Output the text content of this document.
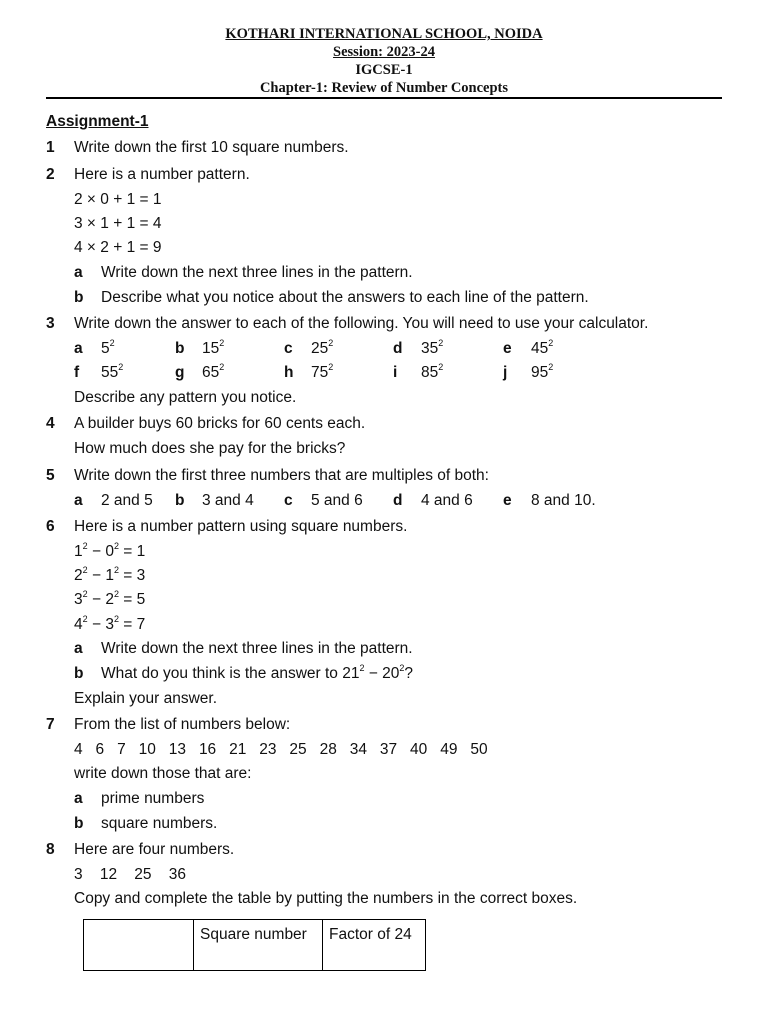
KOTHARI INTERNATIONAL SCHOOL, NOIDA
Session: 2023-24
IGCSE-1
Chapter-1: Review of Number Concepts
Assignment-1
1 Write down the first 10 square numbers.
2 Here is a number pattern.
2 × 0 + 1 = 1
3 × 1 + 1 = 4
4 × 2 + 1 = 9
a Write down the next three lines in the pattern.
b Describe what you notice about the answers to each line of the pattern.
3 Write down the answer to each of the following. You will need to use your calculator.
a $5^2$	b $15^2$	c $25^2$	d $35^2$	e $45^2$
f $55^2$	g $65^2$	h $75^2$	i $85^2$	j $95^2$
Describe any pattern you notice.
4 A builder buys 60 bricks for 60 cents each.
How much does she pay for the bricks?
5 Write down the first three numbers that are multiples of both:
a 2 and 5 b 3 and 4 c 5 and 6 d 4 and 6 e 8 and 10.
6 Here is a number pattern using square numbers.
$1^2 - 0^2 = 1$
$2^2 - 1^2 = 3$
$3^2 - 2^2 = 5$
$4^2 - 3^2 = 7$
a Write down the next three lines in the pattern.
b What do you think is the answer to $21^2 - 20^2$?
Explain your answer.
7 From the list of numbers below:
4   6   7   10   13   16   21   23   25   28   34   37   40   49   50
write down those that are:
a prime numbers
b square numbers.
8 Here are four numbers.
3    12    25    36
Copy and complete the table by putting the numbers in the correct boxes.
	Square number	Factor of 24
